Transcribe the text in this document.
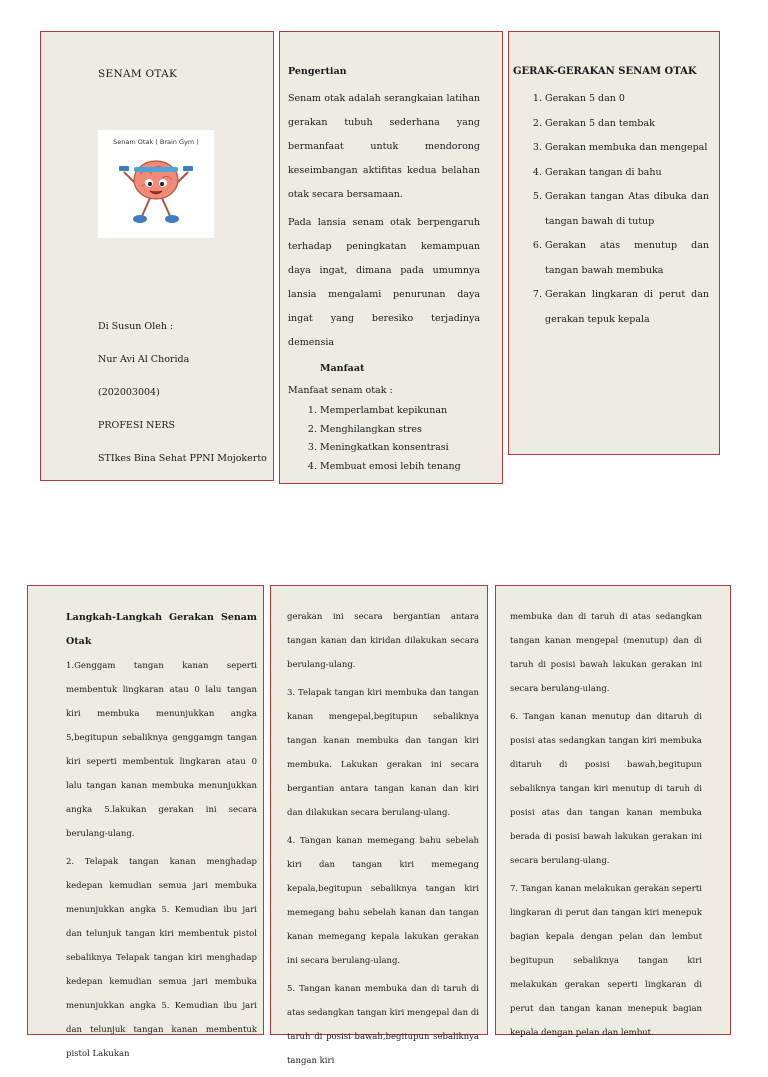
SENAM OTAK
Senam Otak ( Brain Gym )
Di Susun Oleh :
Nur Avi Al Chorida
(202003004)
PROFESI NERS
STIkes Bina Sehat PPNI Mojokerto
Pengertian

Senam otak adalah serangkaian latihan gerakan tubuh sederhana yang bermanfaat untuk mendorong keseimbangan aktifitas kedua belahan otak secara bersamaan.

Pada lansia senam otak berpengaruh terhadap peningkatan kemampuan daya ingat, dimana pada umumnya lansia mengalami penurunan daya ingat yang beresiko terjadinya demensia

Manfaat
Manfaat senam otak :
1. Memperlambat kepikunan
2. Menghilangkan stres
3. Meningkatkan konsentrasi
4. Membuat emosi lebih tenang
GERAK-GERAKAN SENAM OTAK
1. Gerakan 5 dan 0
2. Gerakan 5 dan tembak
3. Gerakan membuka dan mengepal
4. Gerakan tangan di bahu
5. Gerakan tangan Atas dibuka dan tangan bawah di tutup
6. Gerakan atas menutup dan tangan bawah membuka
7. Gerakan lingkaran di perut dan gerakan tepuk kepala
Langkah-Langkah Gerakan Senam Otak

1.Genggam tangan kanan seperti membentuk lingkaran atau 0 lalu tangan kiri membuka menunjukkan angka 5,begitupun sebaliknya genggamgn tangan kiri seperti membentuk lingkaran atau 0 lalu tangan kanan membuka menunjukkan angka 5.lakukan gerakan ini secara berulang-ulang.

2. Telapak tangan kanan menghadap kedepan kemudian semua jari membuka menunjukkan angka 5. Kemudian ibu jari dan telunjuk tangan kiri membentuk pistol sebaliknya Telapak tangan kiri menghadap kedepan kemudian semua jari membuka menunjukkan angka 5. Kemudian ibu jari dan telunjuk tangan kanan membentuk pistol Lakukan

gerakan ini secara bergantian antara tangan kanan dan kiridan dilakukan secara berulang-ulang.

3. Telapak tangan kiri membuka dan tangan kanan mengepal,begitupun sebaliknya tangan kanan membuka dan tangan kiri membuka. Lakukan gerakan ini secara bergantian antara tangan kanan dan kiri dan dilakukan secara berulang-ulang.

4. Tangan kanan memegang bahu sebelah kiri dan tangan kiri memegang kepala,begitupun sebaliknya tangan kiri memegang bahu sebelah kanan dan tangan kanan memegang kepala lakukan gerakan ini secara berulang-ulang.

5. Tangan kanan membuka dan di taruh di atas sedangkan tangan kiri mengepal dan di taruh di posisi bawah,begitupun sebaliknya tangan kiri

membuka dan di taruh di atas sedangkan tangan kanan mengepal (menutup) dan di taruh di posisi bawah lakukan gerakan ini secara berulang-ulang.

6. Tangan kanan menutup dan ditaruh di posisi atas sedangkan tangan kiri membuka ditaruh di posisi bawah,begitupun sebaliknya tangan kiri menutup di taruh di posisi atas dan tangan kanan membuka berada di posisi bawah lakukan gerakan ini secara berulang-ulang.

7. Tangan kanan melakukan gerakan seperti lingkaran di perut dan tangan kiri menepuk bagian kepala dengan pelan dan lembut begitupun sebaliknya tangan kiri melakukan gerakan seperti lingkaran di perut dan tangan kanan menepuk bagian kepala dengan pelan dan lembut.
